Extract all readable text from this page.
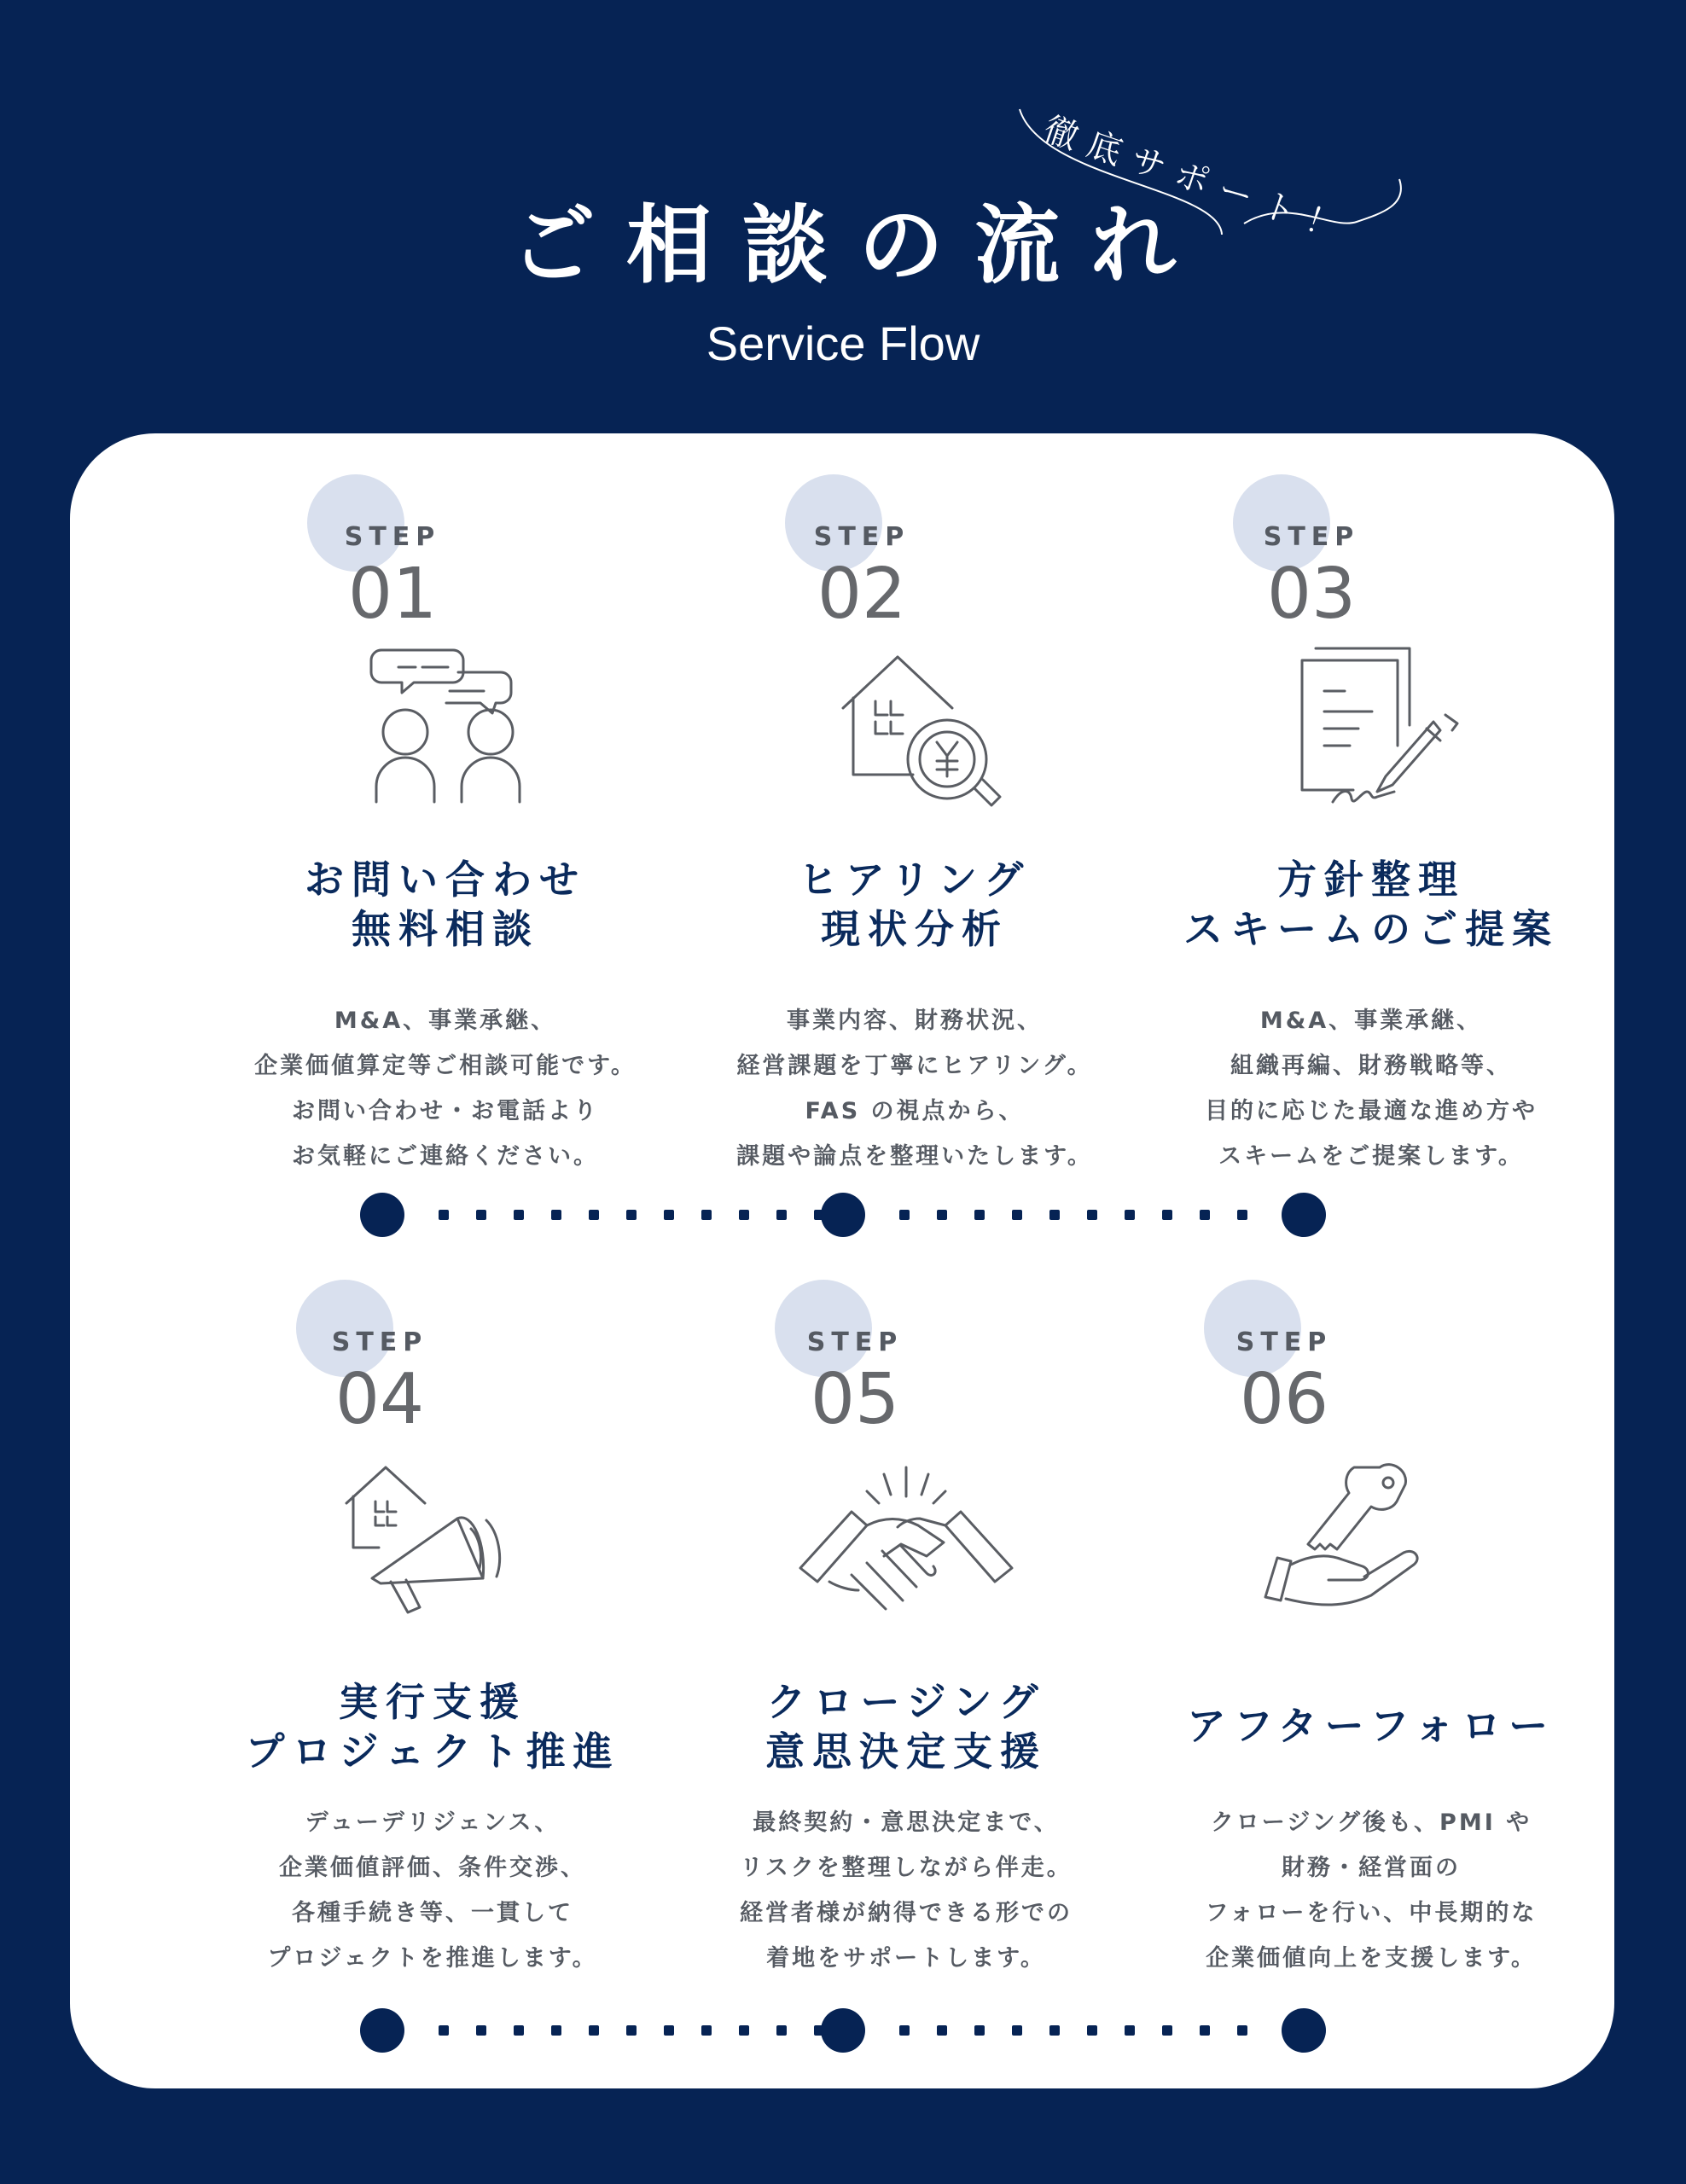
徹底サポート！
ご相談の流れ
Service Flow
STEP
01
お問い合わせ
無料相談
M&A、事業承継、
企業価値算定等ご相談可能です。
お問い合わせ・お電話より
お気軽にご連絡ください。
STEP
02
ヒアリング
現状分析
事業内容、財務状況、
経営課題を丁寧にヒアリング。
FAS の視点から、
課題や論点を整理いたします。
STEP
03
方針整理
スキームのご提案
M&A、事業承継、
組織再編、財務戦略等、
目的に応じた最適な進め方や
スキームをご提案します。
STEP
04
実行支援
プロジェクト推進
デューデリジェンス、
企業価値評価、条件交渉、
各種手続き等、一貫して
プロジェクトを推進します。
STEP
05
クロージング
意思決定支援
最終契約・意思決定まで、
リスクを整理しながら伴走。
経営者様が納得できる形での
着地をサポートします。
STEP
06
アフターフォロー
クロージング後も、PMI や
財務・経営面の
フォローを行い、中長期的な
企業価値向上を支援します。
